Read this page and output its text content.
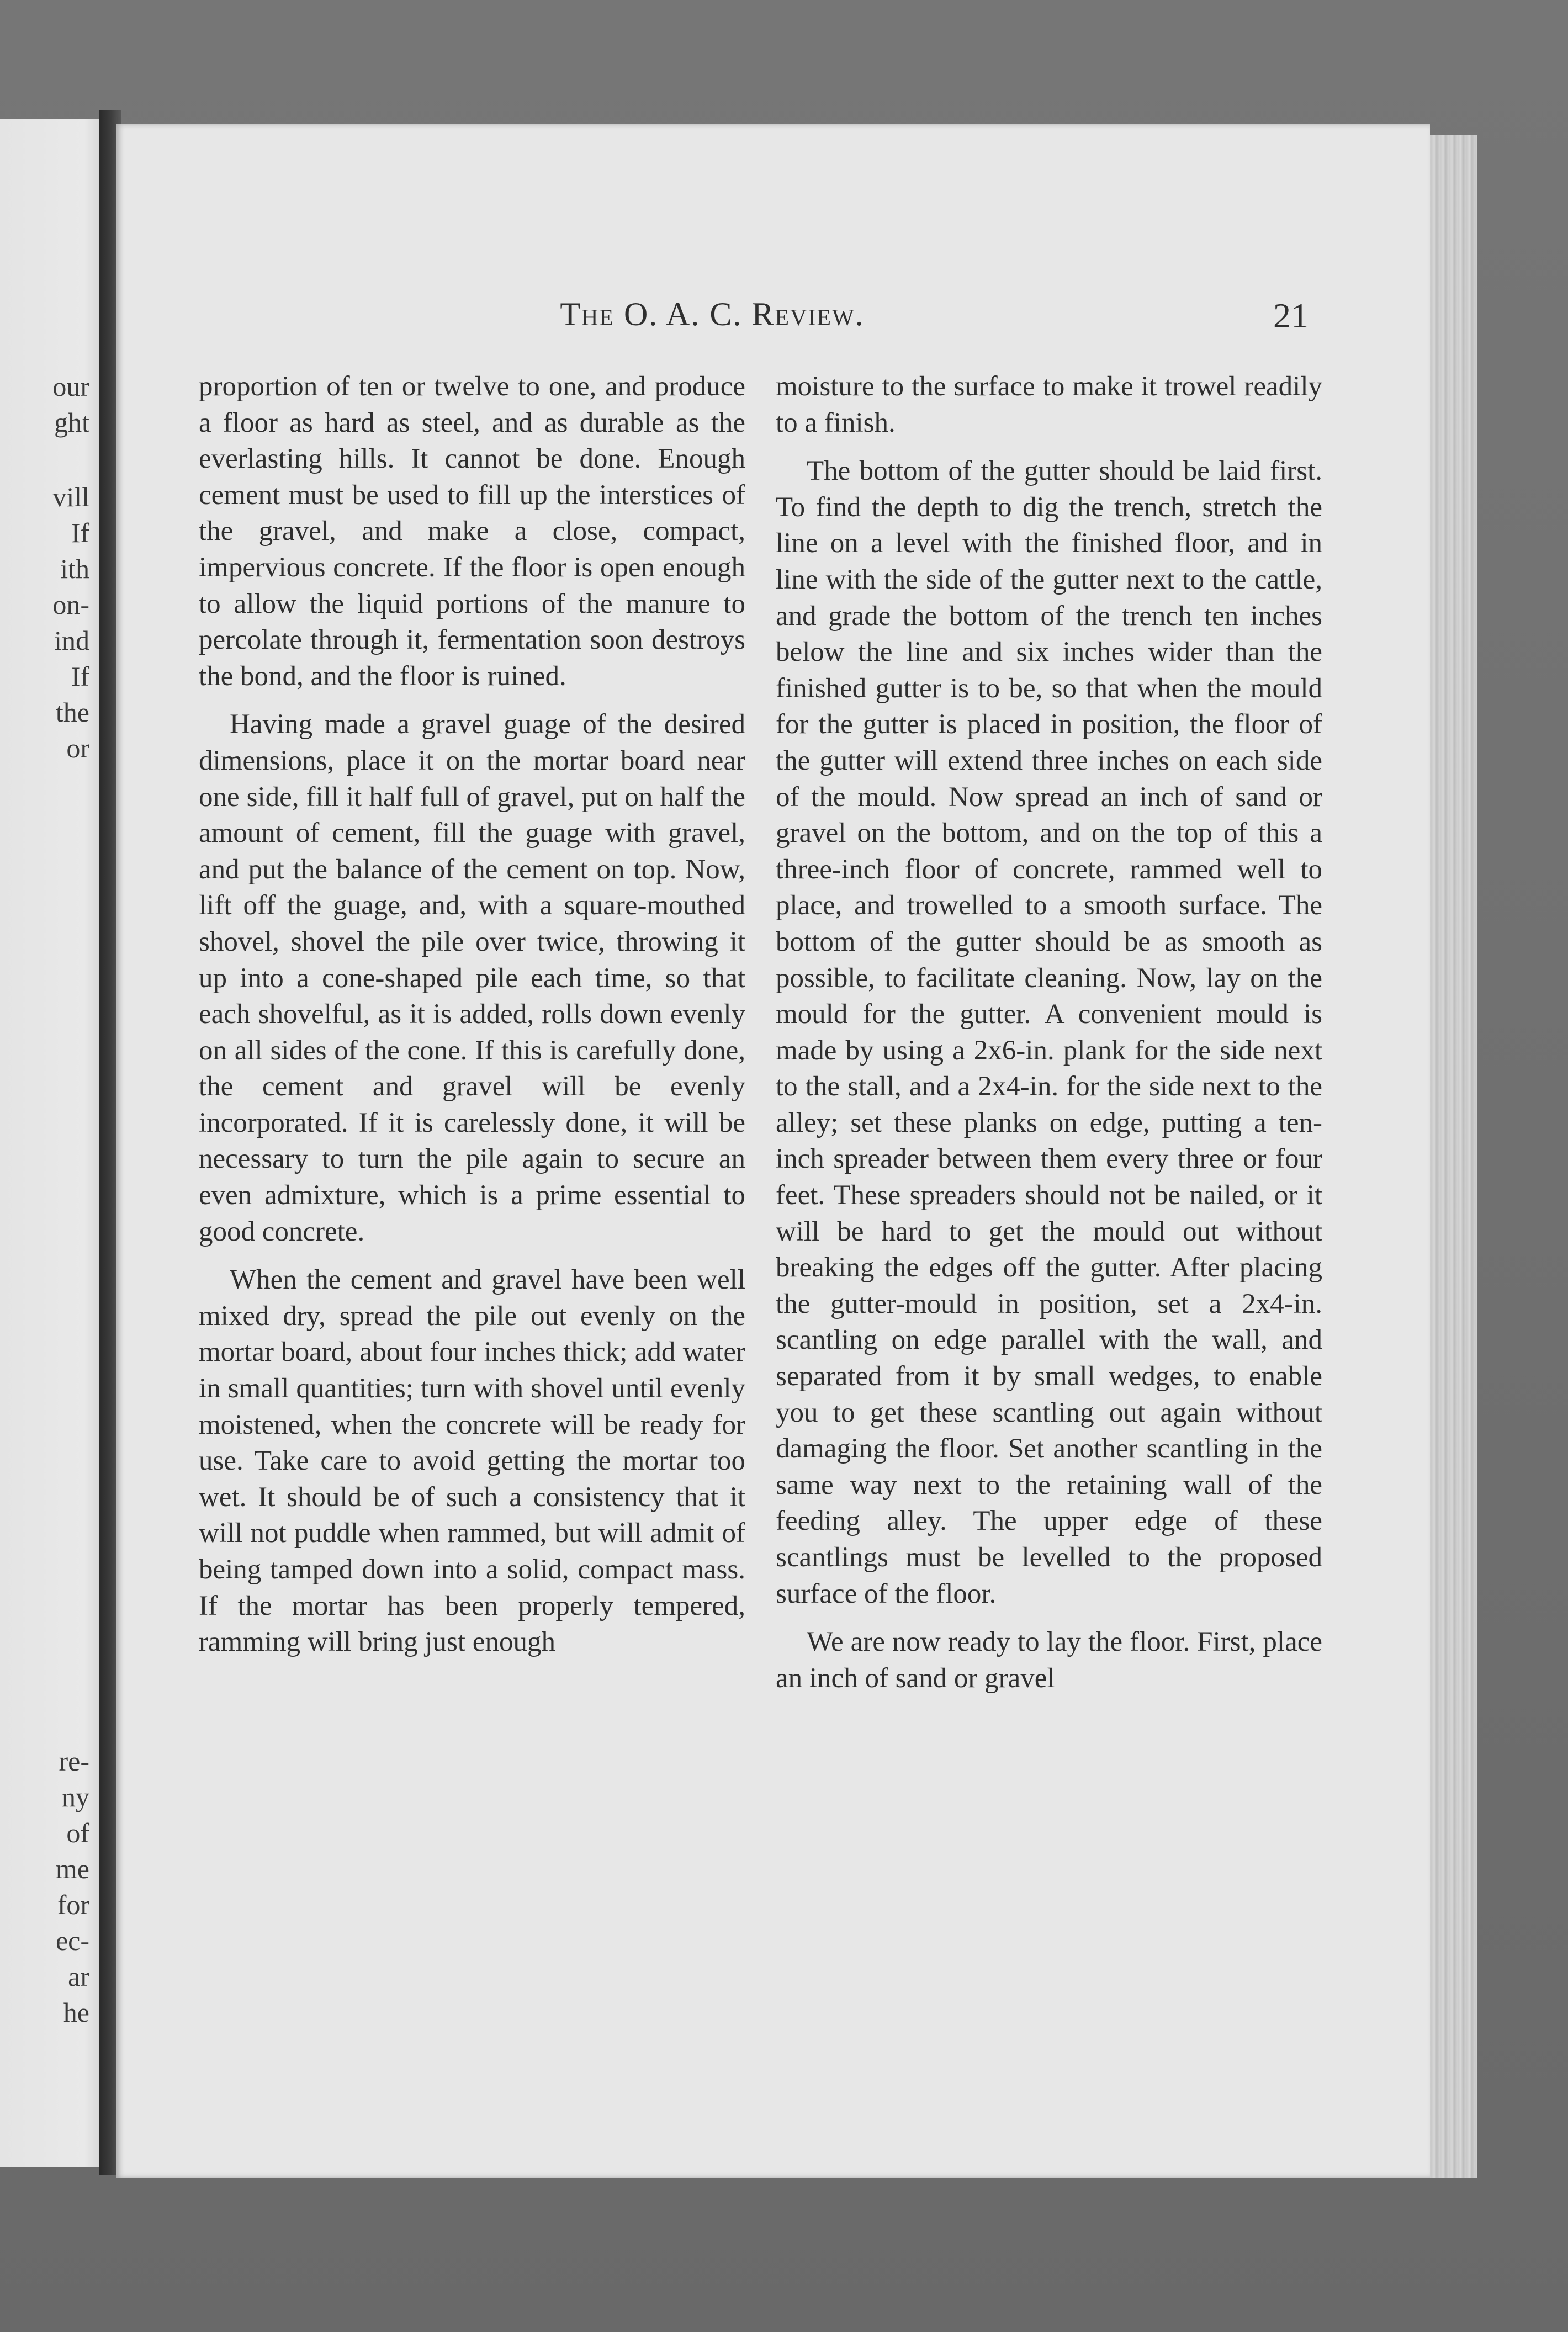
our
ght
vill
If
ith
on-
ind
If
the
or
re-
ny
of
me
for
ec-
ar
he
The O. A. C. Review.	21

proportion of ten or twelve to one, and produce a floor as hard as steel, and as durable as the everlasting hills. It cannot be done. Enough cement must be used to fill up the interstices of the gravel, and make a close, compact, impervious concrete. If the floor is open enough to allow the liquid portions of the manure to percolate through it, fermentation soon destroys the bond, and the floor is ruined.

Having made a gravel guage of the desired dimensions, place it on the mortar board near one side, fill it half full of gravel, put on half the amount of cement, fill the guage with gravel, and put the balance of the cement on top. Now, lift off the guage, and, with a square-mouthed shovel, shovel the pile over twice, throwing it up into a cone-shaped pile each time, so that each shovelful, as it is added, rolls down evenly on all sides of the cone. If this is carefully done, the cement and gravel will be evenly incorporated. If it is carelessly done, it will be necessary to turn the pile again to secure an even admixture, which is a prime essential to good concrete.

When the cement and gravel have been well mixed dry, spread the pile out evenly on the mortar board, about four inches thick; add water in small quantities; turn with shovel until evenly moistened, when the concrete will be ready for use. Take care to avoid getting the mortar too wet. It should be of such a consistency that it will not puddle when rammed, but will admit of being tamped down into a solid, compact mass. If the mortar has been properly tempered, ramming will bring just enough

moisture to the surface to make it trowel readily to a finish.

The bottom of the gutter should be laid first. To find the depth to dig the trench, stretch the line on a level with the finished floor, and in line with the side of the gutter next to the cattle, and grade the bottom of the trench ten inches below the line and six inches wider than the finished gutter is to be, so that when the mould for the gutter is placed in position, the floor of the gutter will extend three inches on each side of the mould. Now spread an inch of sand or gravel on the bottom, and on the top of this a three-inch floor of concrete, rammed well to place, and trowelled to a smooth surface. The bottom of the gutter should be as smooth as possible, to facilitate cleaning. Now, lay on the mould for the gutter. A convenient mould is made by using a 2x6-in. plank for the side next to the stall, and a 2x4-in. for the side next to the alley; set these planks on edge, putting a ten-inch spreader between them every three or four feet. These spreaders should not be nailed, or it will be hard to get the mould out without breaking the edges off the gutter. After placing the gutter-mould in position, set a 2x4-in. scantling on edge parallel with the wall, and separated from it by small wedges, to enable you to get these scantling out again without damaging the floor. Set another scantling in the same way next to the retaining wall of the feeding alley. The upper edge of these scantlings must be levelled to the proposed surface of the floor.

We are now ready to lay the floor. First, place an inch of sand or gravel
